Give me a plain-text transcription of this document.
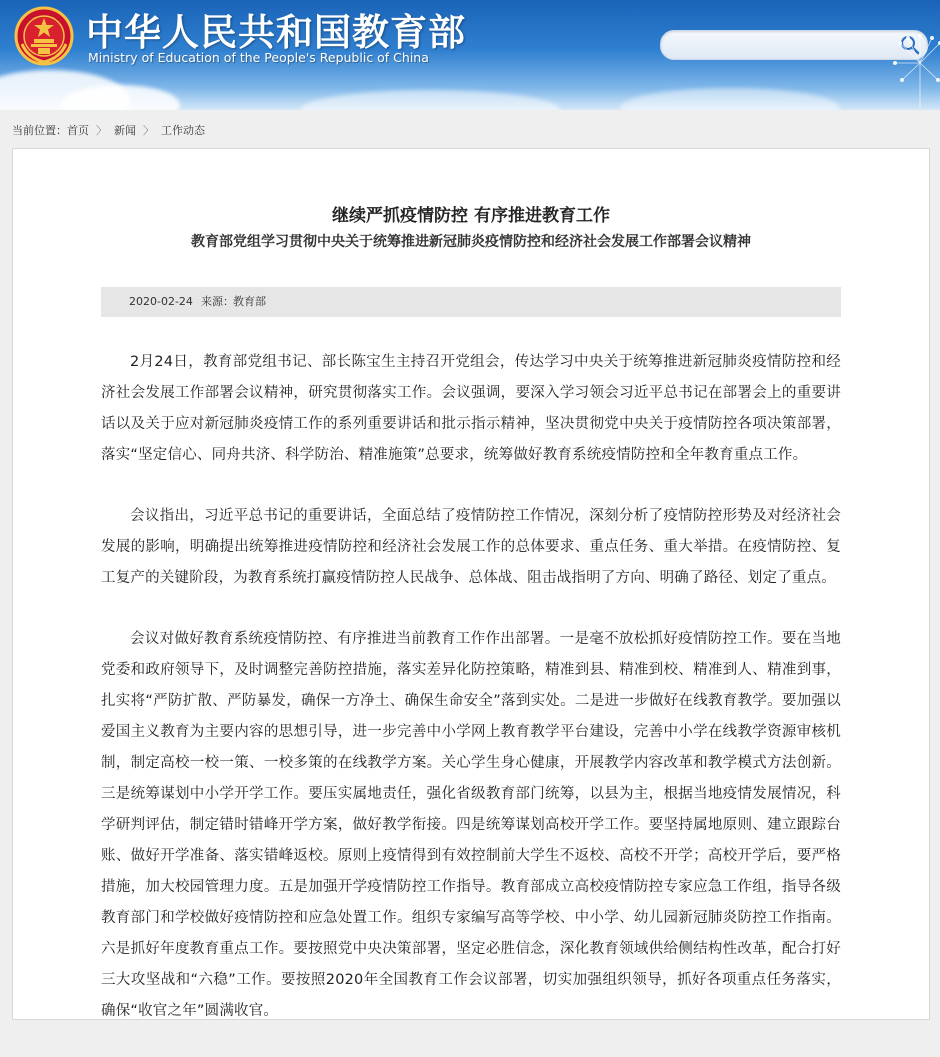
中华人民共和国教育部
Ministry of Education of the People's Republic of China
当前位置：首页 〉 新闻 〉 工作动态
继续严抓疫情防控 有序推进教育工作
教育部党组学习贯彻中央关于统筹推进新冠肺炎疫情防控和经济社会发展工作部署会议精神
2020-02-24 来源： 教育部

2月24日，教育部党组书记、部长陈宝生主持召开党组会，传达学习中央关于统筹推进新冠肺炎疫情防控和经济社会发展工作部署会议精神，研究贯彻落实工作。会议强调，要深入学习领会习近平总书记在部署会上的重要讲话以及关于应对新冠肺炎疫情工作的系列重要讲话和批示指示精神，坚决贯彻党中央关于疫情防控各项决策部署，落实“坚定信心、同舟共济、科学防治、精准施策”总要求，统筹做好教育系统疫情防控和全年教育重点工作。

会议指出，习近平总书记的重要讲话，全面总结了疫情防控工作情况，深刻分析了疫情防控形势及对经济社会发展的影响，明确提出统筹推进疫情防控和经济社会发展工作的总体要求、重点任务、重大举措。在疫情防控、复工复产的关键阶段，为教育系统打赢疫情防控人民战争、总体战、阻击战指明了方向、明确了路径、划定了重点。

会议对做好教育系统疫情防控、有序推进当前教育工作作出部署。一是毫不放松抓好疫情防控工作。要在当地党委和政府领导下，及时调整完善防控措施，落实差异化防控策略，精准到县、精准到校、精准到人、精准到事，扎实将“严防扩散、严防暴发，确保一方净土、确保生命安全”落到实处。二是进一步做好在线教育教学。要加强以爱国主义教育为主要内容的思想引导，进一步完善中小学网上教育教学平台建设，完善中小学在线教学资源审核机制，制定高校一校一策、一校多策的在线教学方案。关心学生身心健康，开展教学内容改革和教学模式方法创新。三是统筹谋划中小学开学工作。要压实属地责任，强化省级教育部门统筹，以县为主，根据当地疫情发展情况，科学研判评估，制定错时错峰开学方案，做好教学衔接。四是统筹谋划高校开学工作。要坚持属地原则、建立跟踪台账、做好开学准备、落实错峰返校。原则上疫情得到有效控制前大学生不返校、高校不开学；高校开学后，要严格措施，加大校园管理力度。五是加强开学疫情防控工作指导。教育部成立高校疫情防控专家应急工作组，指导各级教育部门和学校做好疫情防控和应急处置工作。组织专家编写高等学校、中小学、幼儿园新冠肺炎防控工作指南。六是抓好年度教育重点工作。要按照党中央决策部署，坚定必胜信念，深化教育领域供给侧结构性改革，配合打好三大攻坚战和“六稳”工作。要按照2020年全国教育工作会议部署，切实加强组织领导，抓好各项重点任务落实，确保“收官之年”圆满收官。
